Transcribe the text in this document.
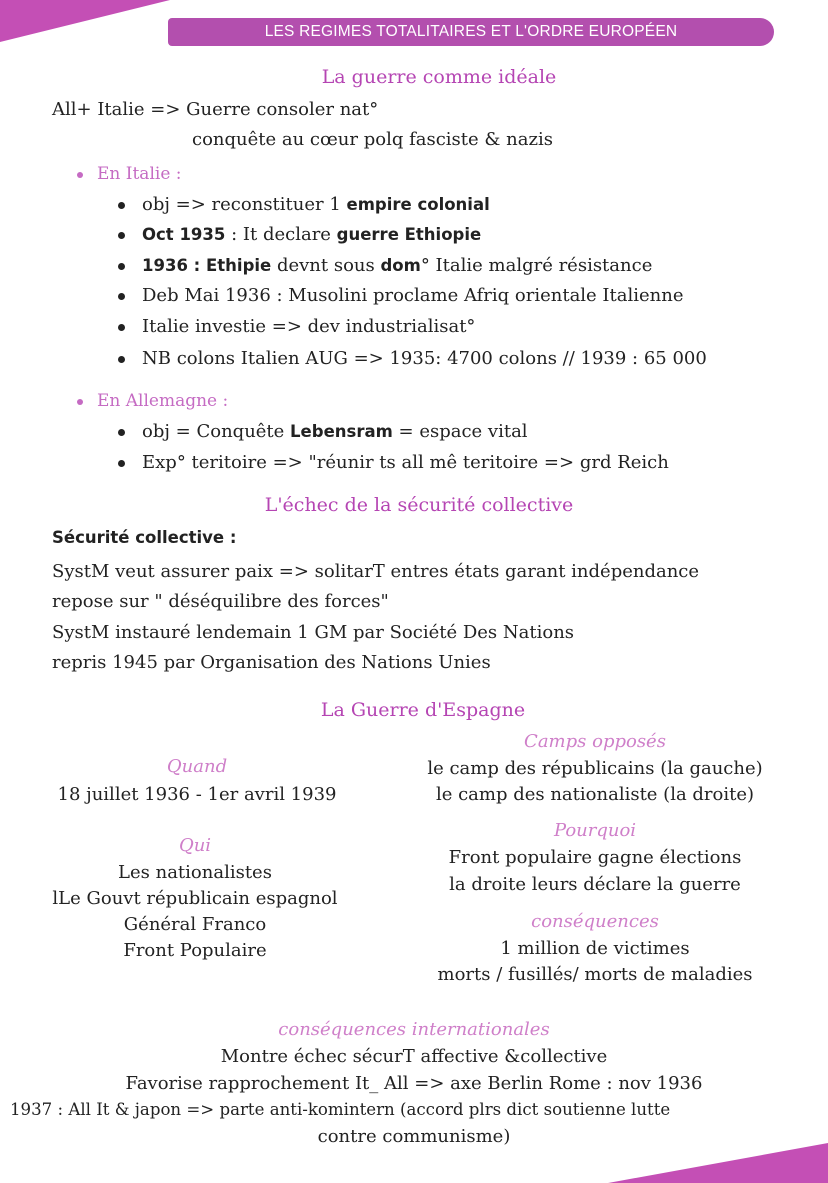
LES REGIMES TOTALITAIRES ET L'ORDRE EUROPÉEN
La guerre comme idéale
All+ Italie => Guerre consoler nat°
conquête au cœur polq fasciste & nazis
En Italie :
obj => reconstituer 1 empire colonial
Oct 1935 : It declare guerre Ethiopie
1936 : Ethipie devnt sous dom° Italie malgré résistance
Deb Mai 1936 : Musolini proclame Afriq orientale Italienne
Italie investie => dev industrialisat°
NB colons Italien AUG => 1935: 4700 colons // 1939 : 65 000
En Allemagne :
obj = Conquête Lebensram = espace vital
Exp° teritoire => "réunir ts all mê teritoire => grd Reich
L'échec de la sécurité collective
Sécurité collective :
SystM veut assurer paix => solitarT entres états garant indépendance
repose sur " déséquilibre des forces"
SystM instauré lendemain 1 GM par Société Des Nations
repris 1945 par Organisation des Nations Unies
La Guerre d'Espagne
Quand
18 juillet 1936 - 1er avril 1939
Camps opposés
le camp des républicains (la gauche)
le camp des nationaliste (la droite)
Qui
Les nationalistes
lLe Gouvt républicain espagnol
Général Franco
Front Populaire
Pourquoi
Front populaire gagne élections
la droite leurs déclare la guerre
conséquences
1 million de victimes
morts / fusillés/ morts de maladies
conséquences internationales
Montre échec sécurT affective &collective
Favorise rapprochement It_ All => axe Berlin Rome : nov 1936
1937 : All It & japon => parte anti-komintern (accord plrs dict soutienne lutte
contre communisme)
